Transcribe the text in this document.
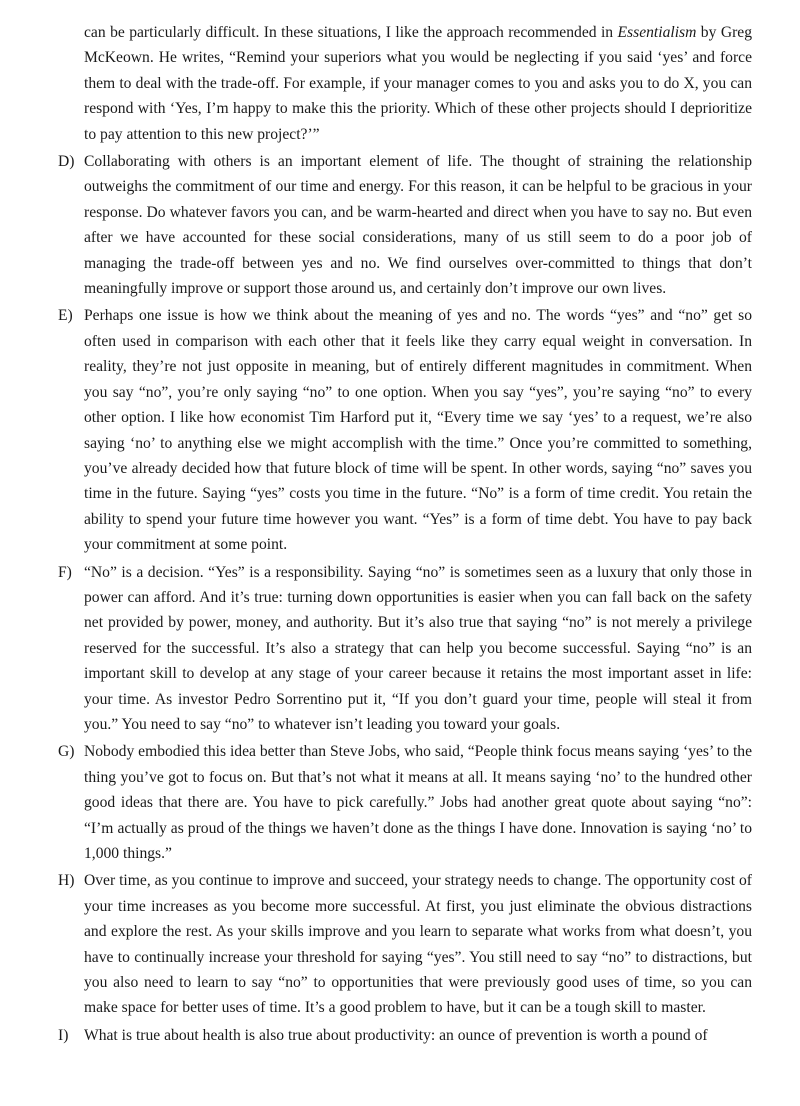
can be particularly difficult. In these situations, I like the approach recommended in Essentialism by Greg McKeown. He writes, “Remind your superiors what you would be neglecting if you said ‘yes’ and force them to deal with the trade-off. For example, if your manager comes to you and asks you to do X, you can respond with ‘Yes, I’m happy to make this the priority. Which of these other projects should I deprioritize to pay attention to this new project?’”

D) Collaborating with others is an important element of life. The thought of straining the relationship outweighs the commitment of our time and energy. For this reason, it can be helpful to be gracious in your response. Do whatever favors you can, and be warm-hearted and direct when you have to say no. But even after we have accounted for these social considerations, many of us still seem to do a poor job of managing the trade-off between yes and no. We find ourselves over-committed to things that don’t meaningfully improve or support those around us, and certainly don’t improve our own lives.

E) Perhaps one issue is how we think about the meaning of yes and no. The words “yes” and “no” get so often used in comparison with each other that it feels like they carry equal weight in conversation. In reality, they’re not just opposite in meaning, but of entirely different magnitudes in commitment. When you say “no”, you’re only saying “no” to one option. When you say “yes”, you’re saying “no” to every other option. I like how economist Tim Harford put it, “Every time we say ‘yes’ to a request, we’re also saying ‘no’ to anything else we might accomplish with the time.” Once you’re committed to something, you’ve already decided how that future block of time will be spent. In other words, saying “no” saves you time in the future. Saying “yes” costs you time in the future. “No” is a form of time credit. You retain the ability to spend your future time however you want. “Yes” is a form of time debt. You have to pay back your commitment at some point.

F) “No” is a decision. “Yes” is a responsibility. Saying “no” is sometimes seen as a luxury that only those in power can afford. And it’s true: turning down opportunities is easier when you can fall back on the safety net provided by power, money, and authority. But it’s also true that saying “no” is not merely a privilege reserved for the successful. It’s also a strategy that can help you become successful. Saying “no” is an important skill to develop at any stage of your career because it retains the most important asset in life: your time. As investor Pedro Sorrentino put it, “If you don’t guard your time, people will steal it from you.” You need to say “no” to whatever isn’t leading you toward your goals.

G) Nobody embodied this idea better than Steve Jobs, who said, “People think focus means saying ‘yes’ to the thing you’ve got to focus on. But that’s not what it means at all. It means saying ‘no’ to the hundred other good ideas that there are. You have to pick carefully.” Jobs had another great quote about saying “no”: “I’m actually as proud of the things we haven’t done as the things I have done. Innovation is saying ‘no’ to 1,000 things.”

H) Over time, as you continue to improve and succeed, your strategy needs to change. The opportunity cost of your time increases as you become more successful. At first, you just eliminate the obvious distractions and explore the rest. As your skills improve and you learn to separate what works from what doesn’t, you have to continually increase your threshold for saying “yes”. You still need to say “no” to distractions, but you also need to learn to say “no” to opportunities that were previously good uses of time, so you can make space for better uses of time. It’s a good problem to have, but it can be a tough skill to master.

I) What is true about health is also true about productivity: an ounce of prevention is worth a pound of
